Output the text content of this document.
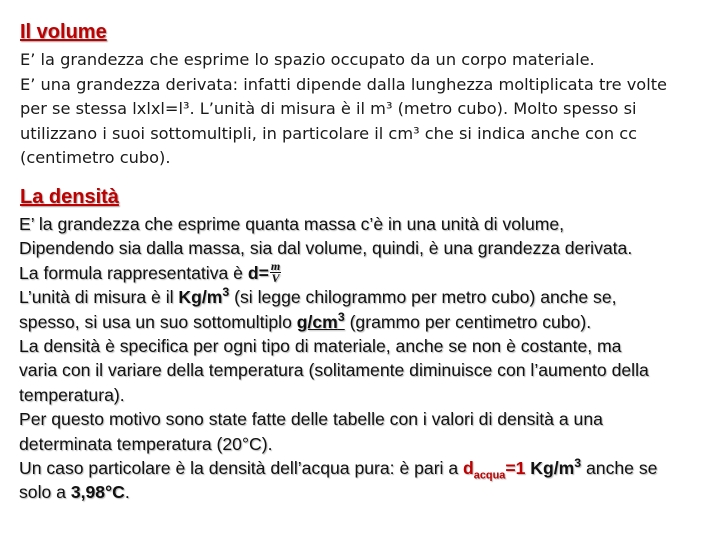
Il volume
E’ la grandezza che esprime lo spazio occupato da un corpo materiale.
E’ una grandezza derivata: infatti dipende dalla lunghezza moltiplicata tre volte
per se stessa lxlxl=l³. L’unità di misura è il m³ (metro cubo). Molto spesso si
utilizzano i suoi sottomultipli, in particolare il cm³ che si indica anche con cc
(centimetro cubo).
La densità
E’ la grandezza che esprime quanta massa c’è in una unità di volume,
Dipendendo sia dalla massa, sia dal volume, quindi, è una grandezza derivata.
La formula rappresentativa è $d= \frac{m}{V}$
L’unità di misura è il $Kg/m^3$ (si legge chilogrammo per metro cubo) anche se,
spesso, si usa un suo sottomultiplo $g/cm^3$ (grammo per centimetro cubo).
La densità è specifica per ogni tipo di materiale, anche se non è costante, ma
varia con il variare della temperatura (solitamente diminuisce con l’aumento della
temperatura).
Per questo motivo sono state fatte delle tabelle con i valori di densità a una
determinata temperatura (20°C).
Un caso particolare è la densità dell’acqua pura: è pari a $d_{acqua}=1$ $Kg/m^3$ anche se
solo a 3,98°C.
